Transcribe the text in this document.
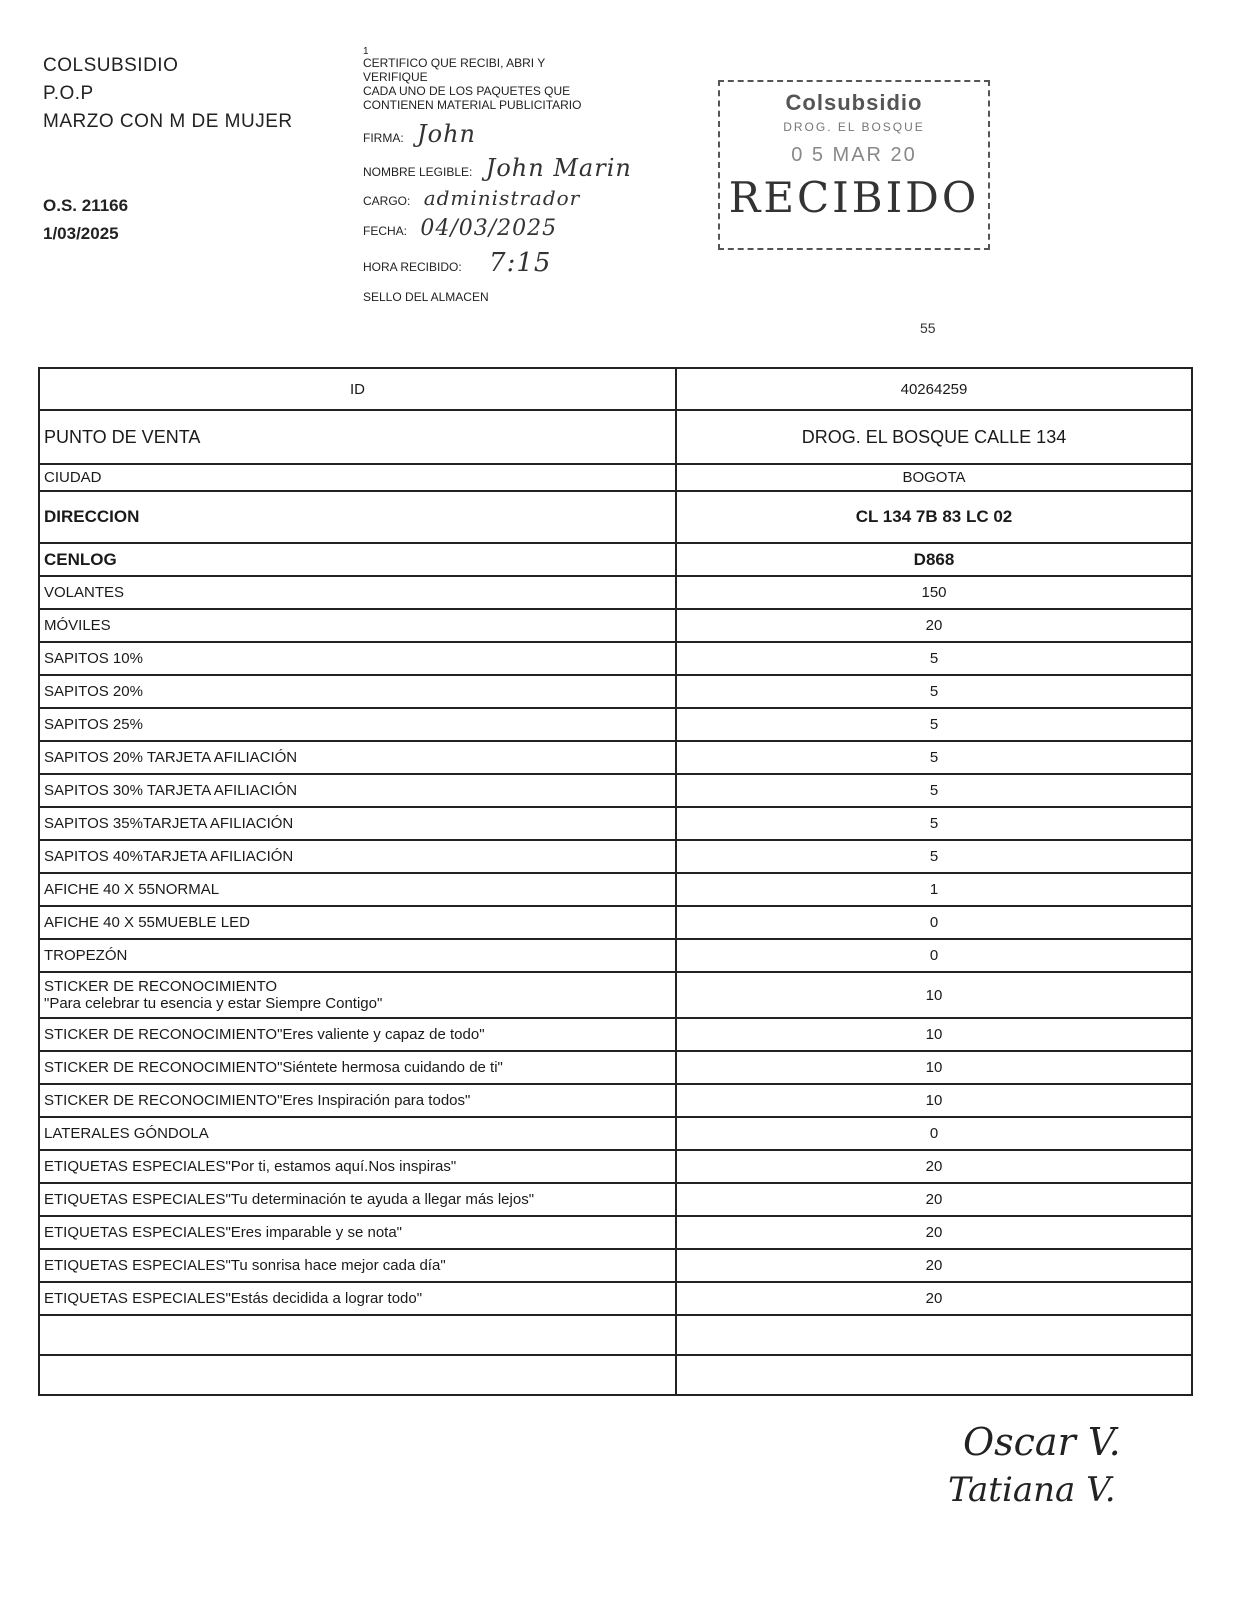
COLSUBSIDIO
P.O.P
MARZO CON M DE MUJER
O.S. 21166
1/03/2025
1
CERTIFICO QUE RECIBI, ABRI Y
VERIFIQUE
CADA UNO DE LOS PAQUETES QUE
CONTIENEN MATERIAL PUBLICITARIO
FIRMA: John
NOMBRE LEGIBLE: John Marin
CARGO: administrador
FECHA: 04/03/2025
HORA RECIBIDO: 7:15
SELLO DEL ALMACEN
Colsubsidio
DROG. EL BOSQUE
0 5 MAR 20
RECIBIDO
55
ID	40264259
PUNTO DE VENTA	DROG. EL BOSQUE CALLE 134
CIUDAD	BOGOTA
DIRECCION	CL 134 7B 83 LC 02
CENLOG	D868

VOLANTES	150

MÓVILES	20

SAPITOS 10%	5

SAPITOS 20%	5

SAPITOS 25%	5

SAPITOS 20% TARJETA AFILIACIÓN	5

SAPITOS 30% TARJETA AFILIACIÓN	5

SAPITOS 35%TARJETA AFILIACIÓN	5

SAPITOS 40%TARJETA AFILIACIÓN	5

AFICHE 40 X 55NORMAL	1

AFICHE 40 X 55MUEBLE LED	0

TROPEZÓN	0

STICKER DE RECONOCIMIENTO
"Para celebrar tu esencia y estar Siempre Contigo"	10

STICKER DE RECONOCIMIENTO"Eres valiente y capaz de todo"	10

STICKER DE RECONOCIMIENTO"Siéntete hermosa cuidando de ti"	10

STICKER DE RECONOCIMIENTO"Eres Inspiración para todos"	10

LATERALES GÓNDOLA	0

ETIQUETAS ESPECIALES"Por ti, estamos aquí.Nos inspiras"	20

ETIQUETAS ESPECIALES"Tu determinación te ayuda a llegar más lejos"	20

ETIQUETAS ESPECIALES"Eres imparable y se nota"	20

ETIQUETAS ESPECIALES"Tu sonrisa hace mejor cada día"	20

ETIQUETAS ESPECIALES"Estás decidida a lograr todo"	20

Oscar V.
Tatiana V.
